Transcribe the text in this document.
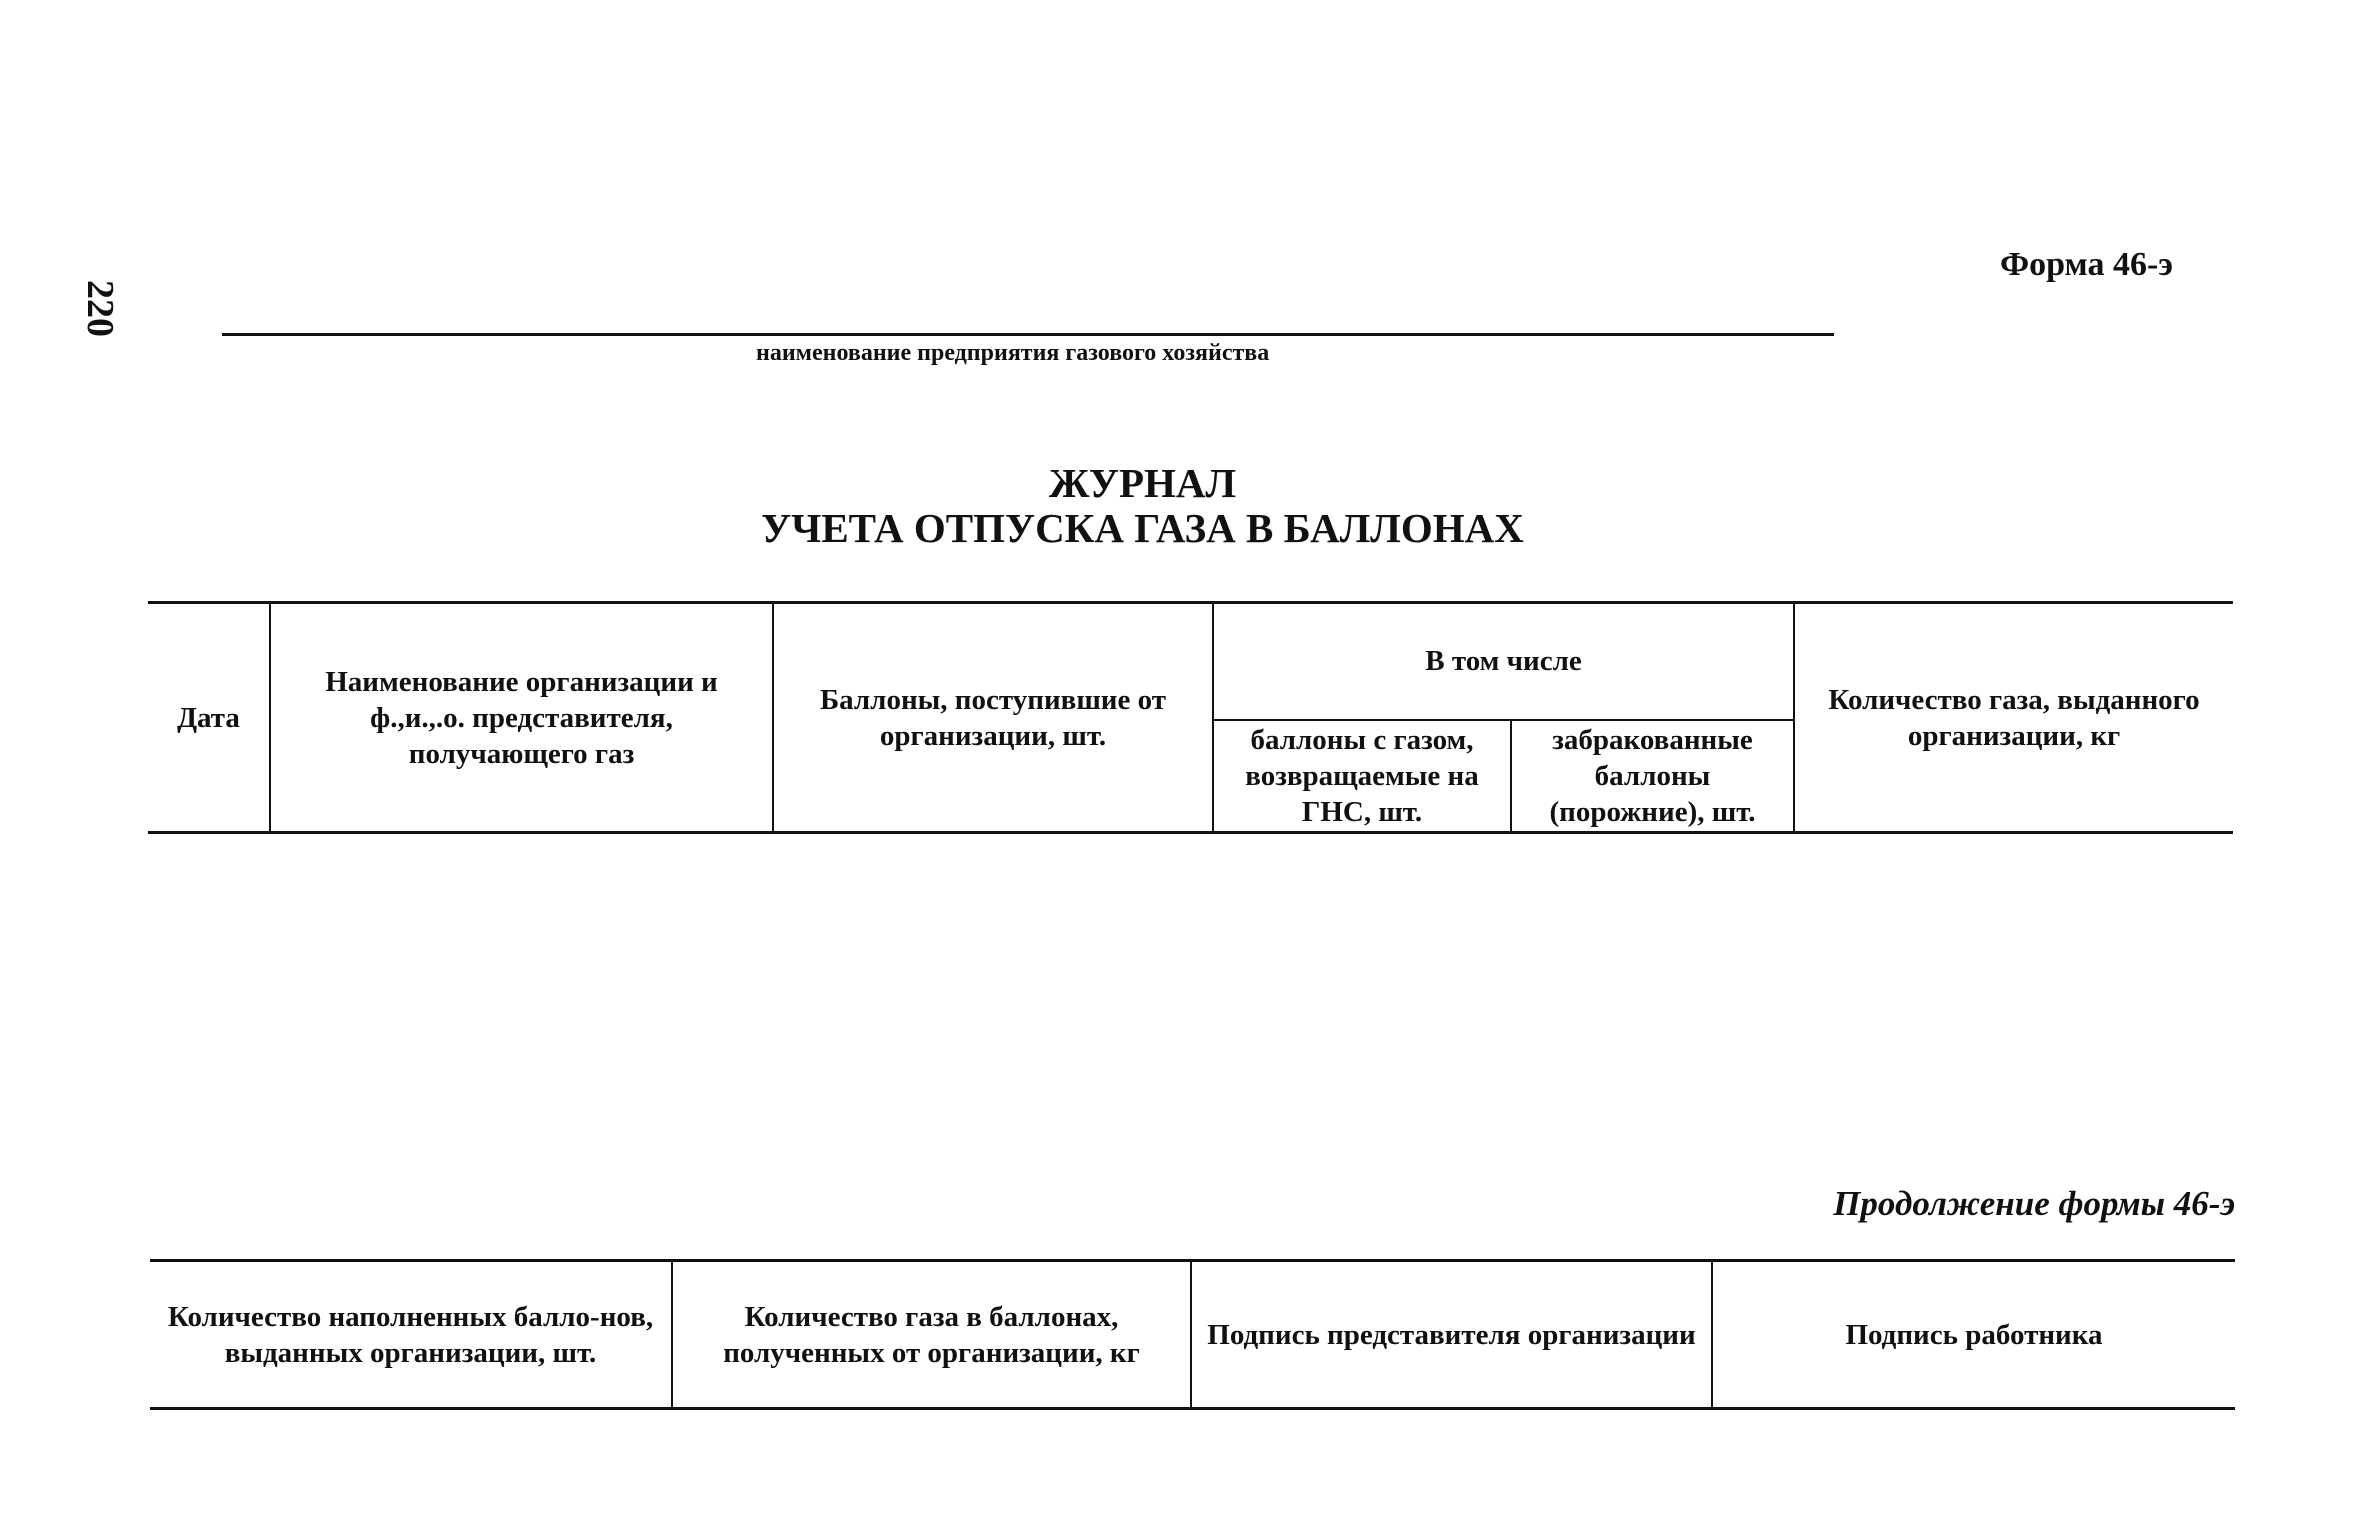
220
Форма 46-э
наименование предприятия газового хозяйства
ЖУРНАЛ
УЧЕТА ОТПУСКА ГАЗА В БАЛЛОНАХ
Дата	Наименование организации и ф.,и.,.о. представителя, получающего газ	Баллоны, поступившие от организации, шт.	В том числе		Количество газа, выданного организации, кг
			баллоны с газом, возвращаемые на ГНС, шт.	забракованные баллоны (порожние), шт.	
Продолжение формы 46-э
Количество наполненных балло-нов, выданных организации, шт.	Количество газа в баллонах, полученных от организации, кг	Подпись представителя организации	Подпись работника
